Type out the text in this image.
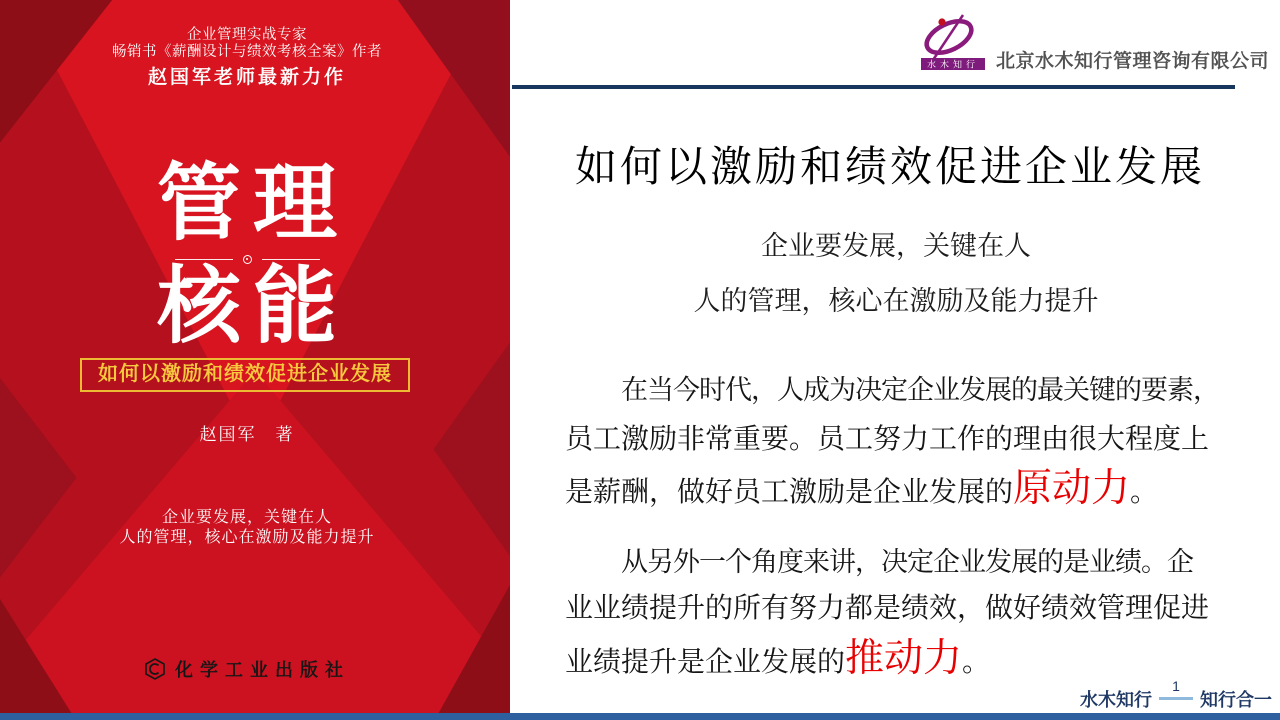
企业管理实战专家
畅销书《薪酬设计与绩效考核全案》作者
赵国军老师最新力作
管理
核能
如何以激励和绩效促进企业发展
赵国军　著
企业要发展，关键在人
人的管理，核心在激励及能力提升
化学工业出版社
水木知行 北京水木知行管理咨询有限公司
如何以激励和绩效促进企业发展
企业要发展，关键在人
人的管理，核心在激励及能力提升
在当今时代，人成为决定企业发展的最关键的要素，
员工激励非常重要。员工努力工作的理由很大程度上
是薪酬，做好员工激励是企业发展的原动力。
从另外一个角度来讲，决定企业发展的是业绩。企
业业绩提升的所有努力都是绩效，做好绩效管理促进
业绩提升是企业发展的推动力。
水木知行
1
知行合一
